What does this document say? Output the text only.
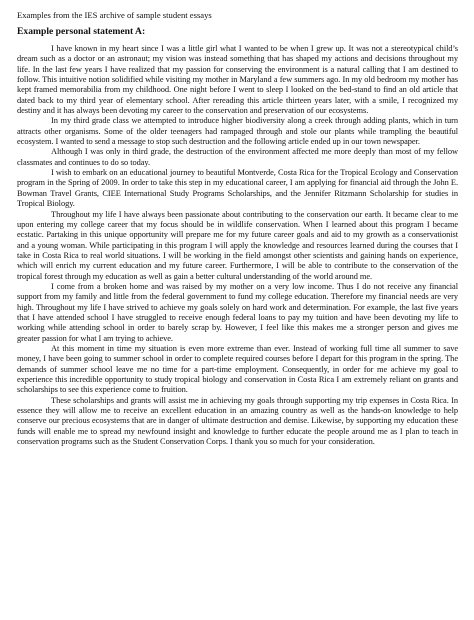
Examples from the IES archive of sample student essays
Example personal statement A:

I have known in my heart since I was a little girl what I wanted to be when I grew up. It was not a stereotypical child’s dream such as a doctor or an astronaut; my vision was instead something that has shaped my actions and decisions throughout my life. In the last few years I have realized that my passion for conserving the environment is a natural calling that I am destined to follow. This intuitive notion solidified while visiting my mother in Maryland a few summers ago. In my old bedroom my mother has kept framed memorabilia from my childhood. One night before I went to sleep I looked on the bed-stand to find an old article that dated back to my third year of elementary school. After rereading this article thirteen years later, with a smile, I recognized my destiny and it has always been devoting my career to the conservation and preservation of our ecosystems.

In my third grade class we attempted to introduce higher biodiversity along a creek through adding plants, which in turn attracts other organisms. Some of the older teenagers had rampaged through and stole our plants while trampling the beautiful ecosystem. I wanted to send a message to stop such destruction and the following article ended up in our town newspaper.

Although I was only in third grade, the destruction of the environment affected me more deeply than most of my fellow classmates and continues to do so today.

I wish to embark on an educational journey to beautiful Montverde, Costa Rica for the Tropical Ecology and Conservation program in the Spring of 2009. In order to take this step in my educational career, I am applying for financial aid through the John E. Bowman Travel Grants, CIEE International Study Programs Scholarships, and the Jennifer Ritzmann Scholarship for studies in Tropical Biology.

Throughout my life I have always been passionate about contributing to the conservation our earth. It became clear to me upon entering my college career that my focus should be in wildlife conservation. When I learned about this program I became ecstatic. Partaking in this unique opportunity will prepare me for my future career goals and aid to my growth as a conservationist and a young woman. While participating in this program I will apply the knowledge and resources learned during the courses that I take in Costa Rica to real world situations. I will be working in the field amongst other scientists and gaining hands on experience, which will enrich my current education and my future career. Furthermore, I will be able to contribute to the conservation of the tropical forest through my education as well as gain a better cultural understanding of the world around me.

I come from a broken home and was raised by my mother on a very low income. Thus I do not receive any financial support from my family and little from the federal government to fund my college education. Therefore my financial needs are very high. Throughout my life I have strived to achieve my goals solely on hard work and determination. For example, the last five years that I have attended school I have struggled to receive enough federal loans to pay my tuition and have been devoting my life to working while attending school in order to barely scrap by. However, I feel like this makes me a stronger person and gives me greater passion for what I am trying to achieve.

At this moment in time my situation is even more extreme than ever. Instead of working full time all summer to save money, I have been going to summer school in order to complete required courses before I depart for this program in the spring. The demands of summer school leave me no time for a part-time employment. Consequently, in order for me achieve my goal to experience this incredible opportunity to study tropical biology and conservation in Costa Rica I am extremely reliant on grants and scholarships to see this experience come to fruition.

These scholarships and grants will assist me in achieving my goals through supporting my trip expenses in Costa Rica. In essence they will allow me to receive an excellent education in an amazing country as well as the hands-on knowledge to help conserve our precious ecosystems that are in danger of ultimate destruction and demise. Likewise, by supporting my education these funds will enable me to spread my newfound insight and knowledge to further educate the people around me as I plan to teach in conservation programs such as the Student Conservation Corps. I thank you so much for your consideration.
